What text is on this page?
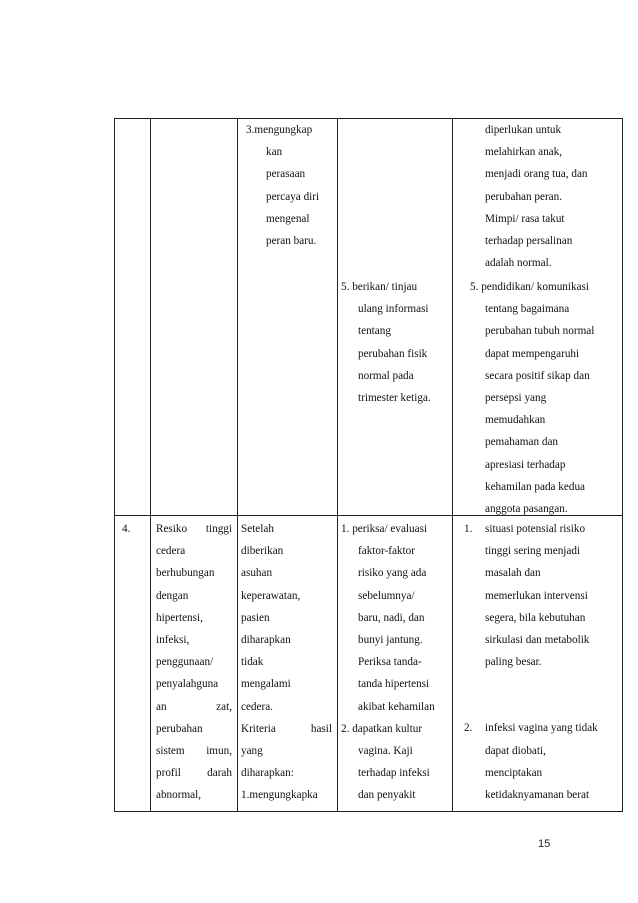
3.mengungkap
kan
perasaan
percaya diri
mengenal
peran baru.
diperlukan untuk
melahirkan anak,
menjadi orang tua, dan
perubahan peran.
Mimpi/ rasa takut
terhadap persalinan
adalah normal.
5. berikan/ tinjau
ulang informasi
tentang
perubahan fisik
normal pada
trimester ketiga.
5. pendidikan/ komunikasi
tentang bagaimana
perubahan tubuh normal
dapat mempengaruhi
secara positif sikap dan
persepsi yang
memudahkan
pemahaman dan
apresiasi terhadap
kehamilan pada kedua
anggota pasangan.
4. Resiko tinggi
cedera
berhubungan
dengan
hipertensi,
infeksi,
penggunaan/
penyalahguna
an	zat,
perubahan
sistem imun,
profil darah
abnormal,
Setelah
diberikan
asuhan
keperawatan,
pasien
diharapkan
tidak
mengalami
cedera.
Kriteria	hasil
yang
diharapkan:
1.mengungkapka
1. periksa/ evaluasi
faktor-faktor
risiko yang ada
sebelumnya/
baru, nadi, dan
bunyi jantung.
Periksa tanda-
tanda hipertensi
akibat kehamilan
2. dapatkan kultur
vagina. Kaji
terhadap infeksi
dan penyakit
1. situasi potensial risiko
tinggi sering menjadi
masalah dan
memerlukan intervensi
segera, bila kebutuhan
sirkulasi dan metabolik
paling besar.
2. infeksi vagina yang tidak
dapat diobati,
menciptakan
ketidaknyamanan berat
15
